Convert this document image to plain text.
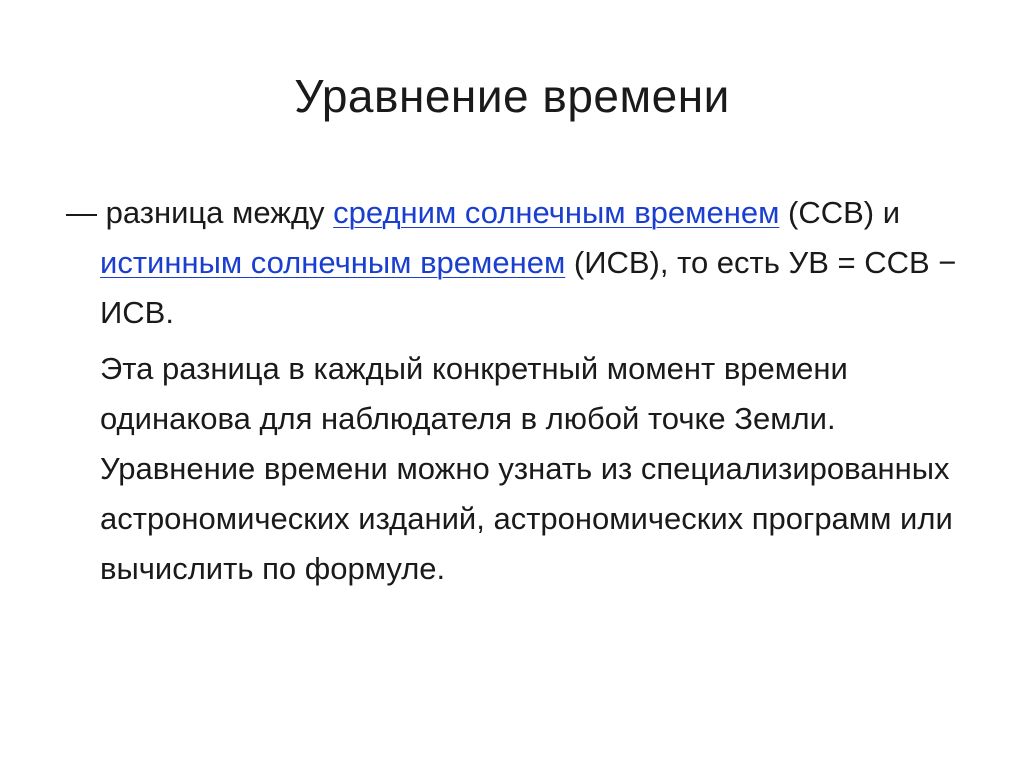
Уравнение времени

— разница между средним солнечным временем (ССВ) и истинным солнечным временем (ИСВ), то есть УВ = ССВ − ИСВ.

Эта разница в каждый конкретный момент времени одинакова для наблюдателя в любой точке Земли. Уравнение времени можно узнать из специализированных астрономических изданий, астрономических программ или вычислить по формуле.
